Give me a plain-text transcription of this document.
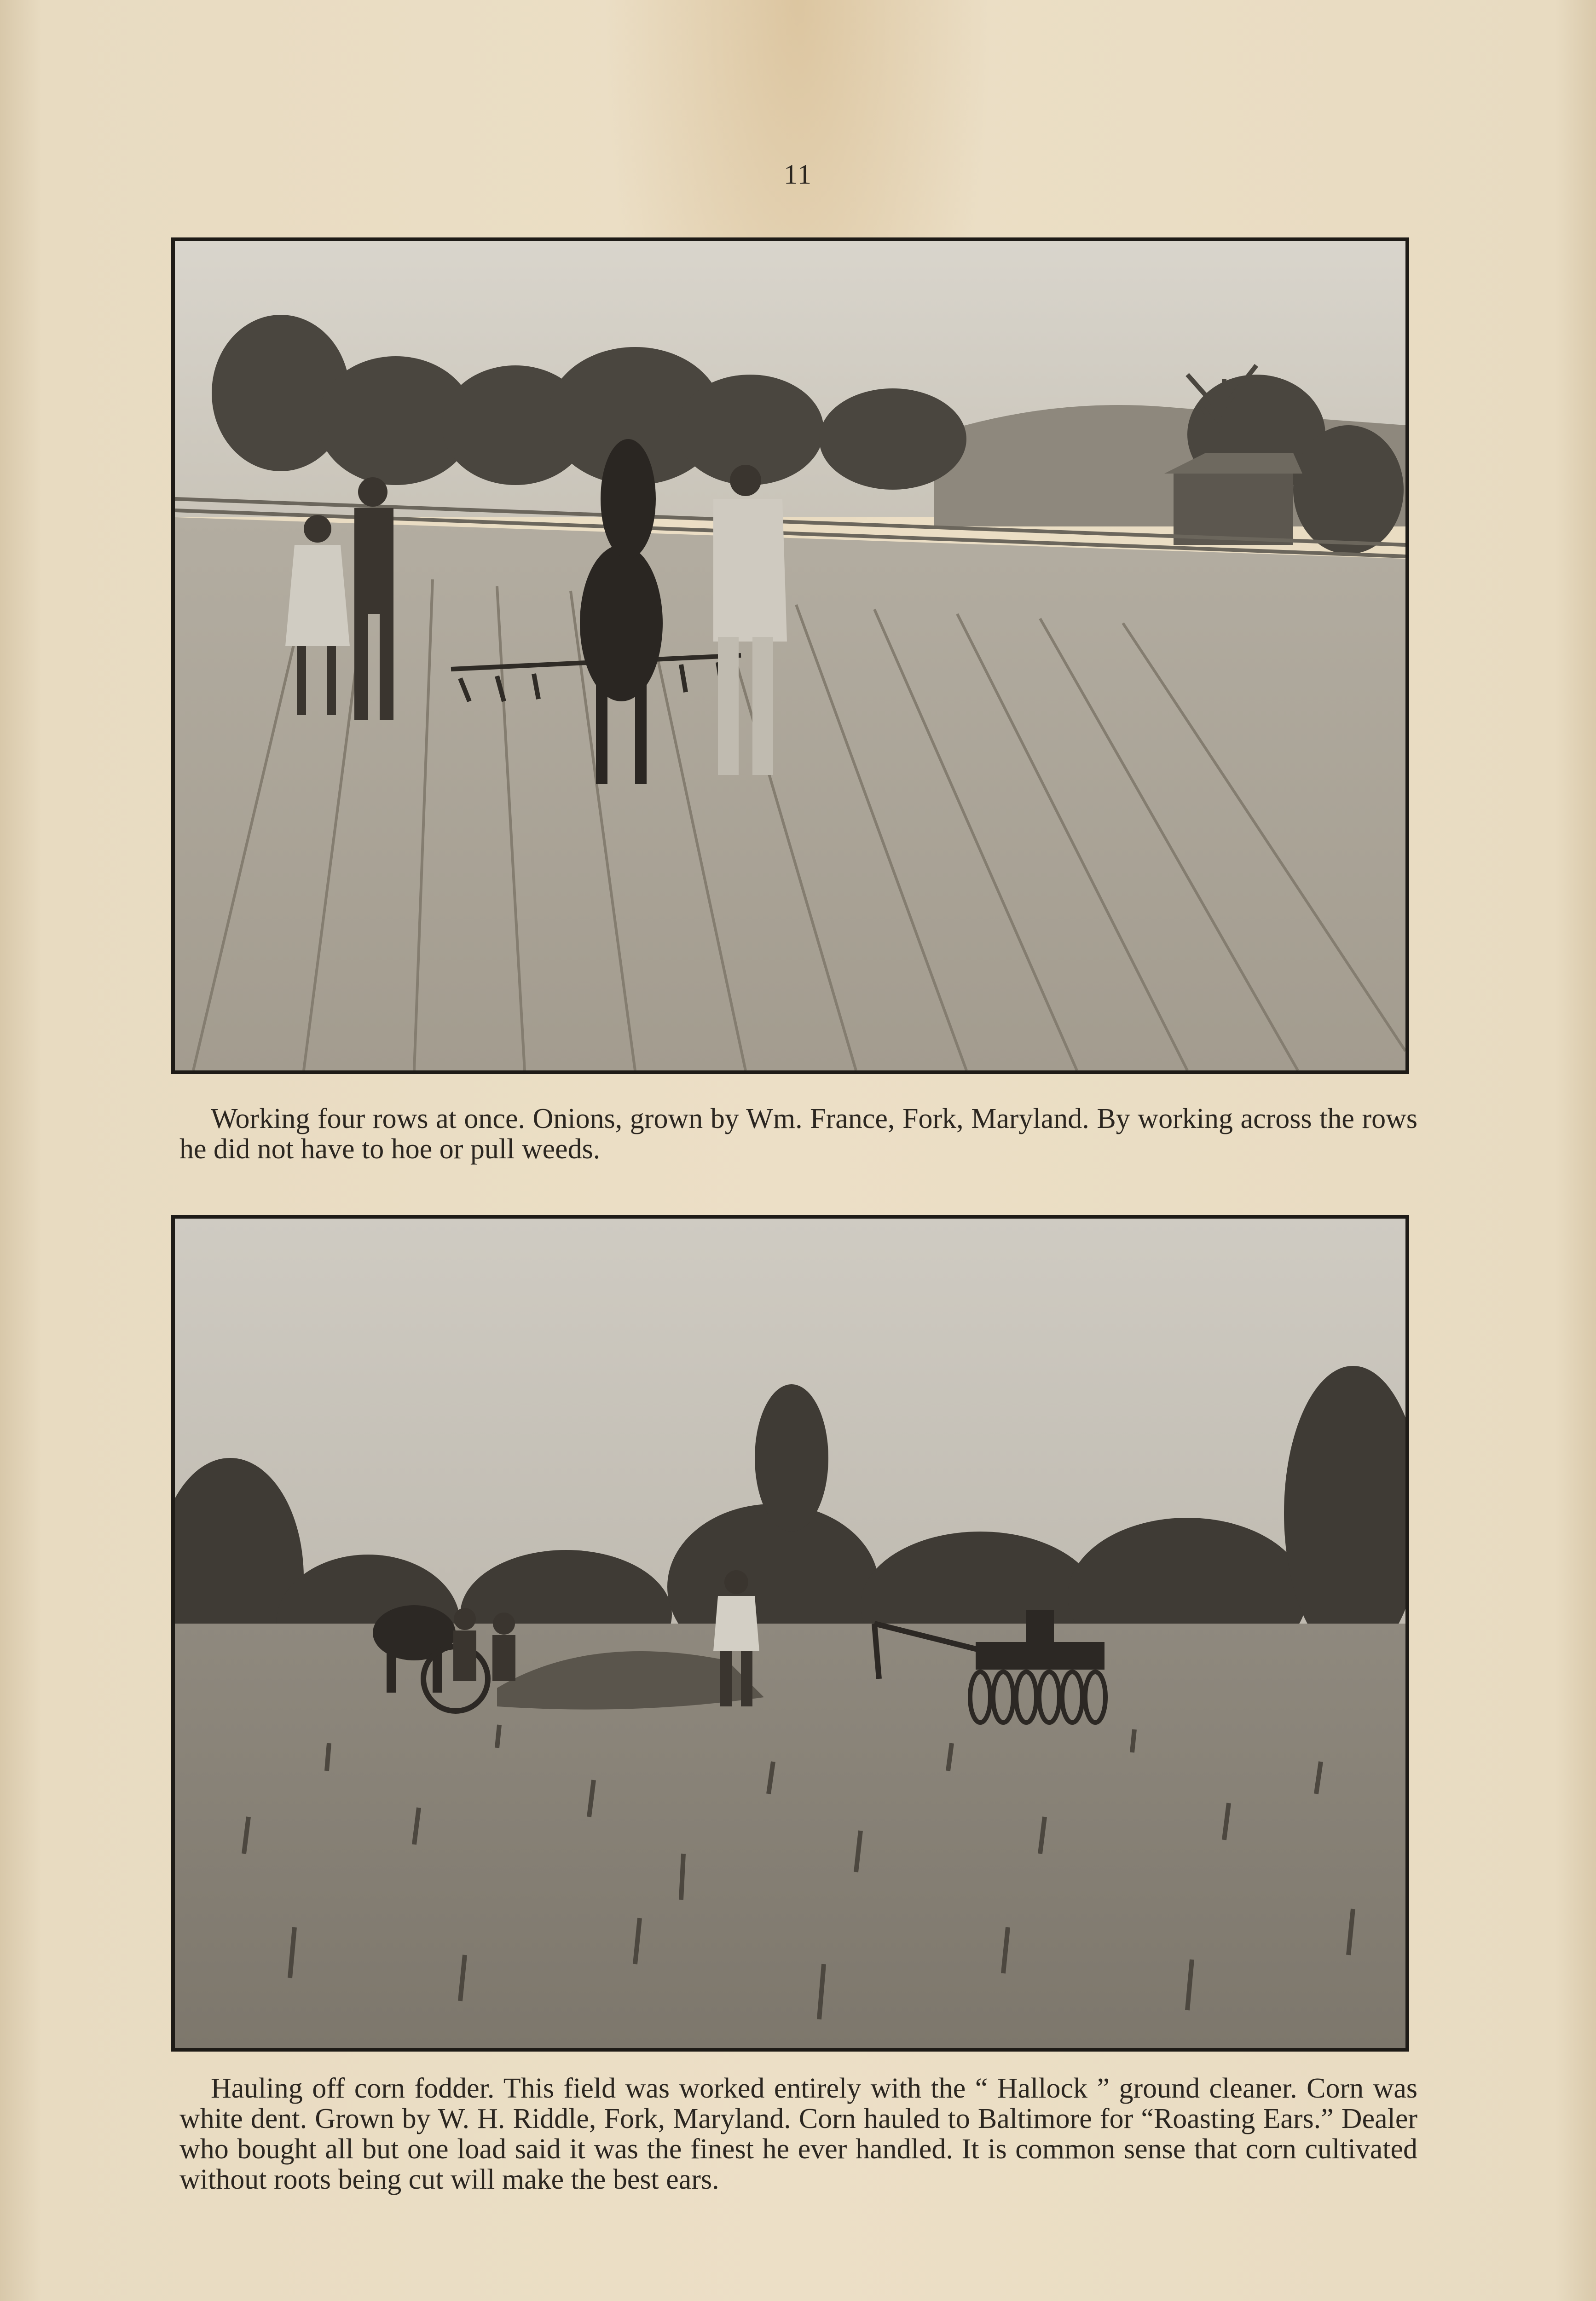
11
Working four rows at once. Onions, grown by Wm. France, Fork, Maryland. By working across the rows he did not have to hoe or pull weeds.
Hauling off corn fodder. This field was worked entirely with the “ Hallock ” ground cleaner. Corn was white dent. Grown by W. H. Riddle, Fork, Maryland. Corn hauled to Baltimore for “Roasting Ears.” Dealer who bought all but one load said it was the finest he ever handled. It is common sense that corn cultivated without roots being cut will make the best ears.
